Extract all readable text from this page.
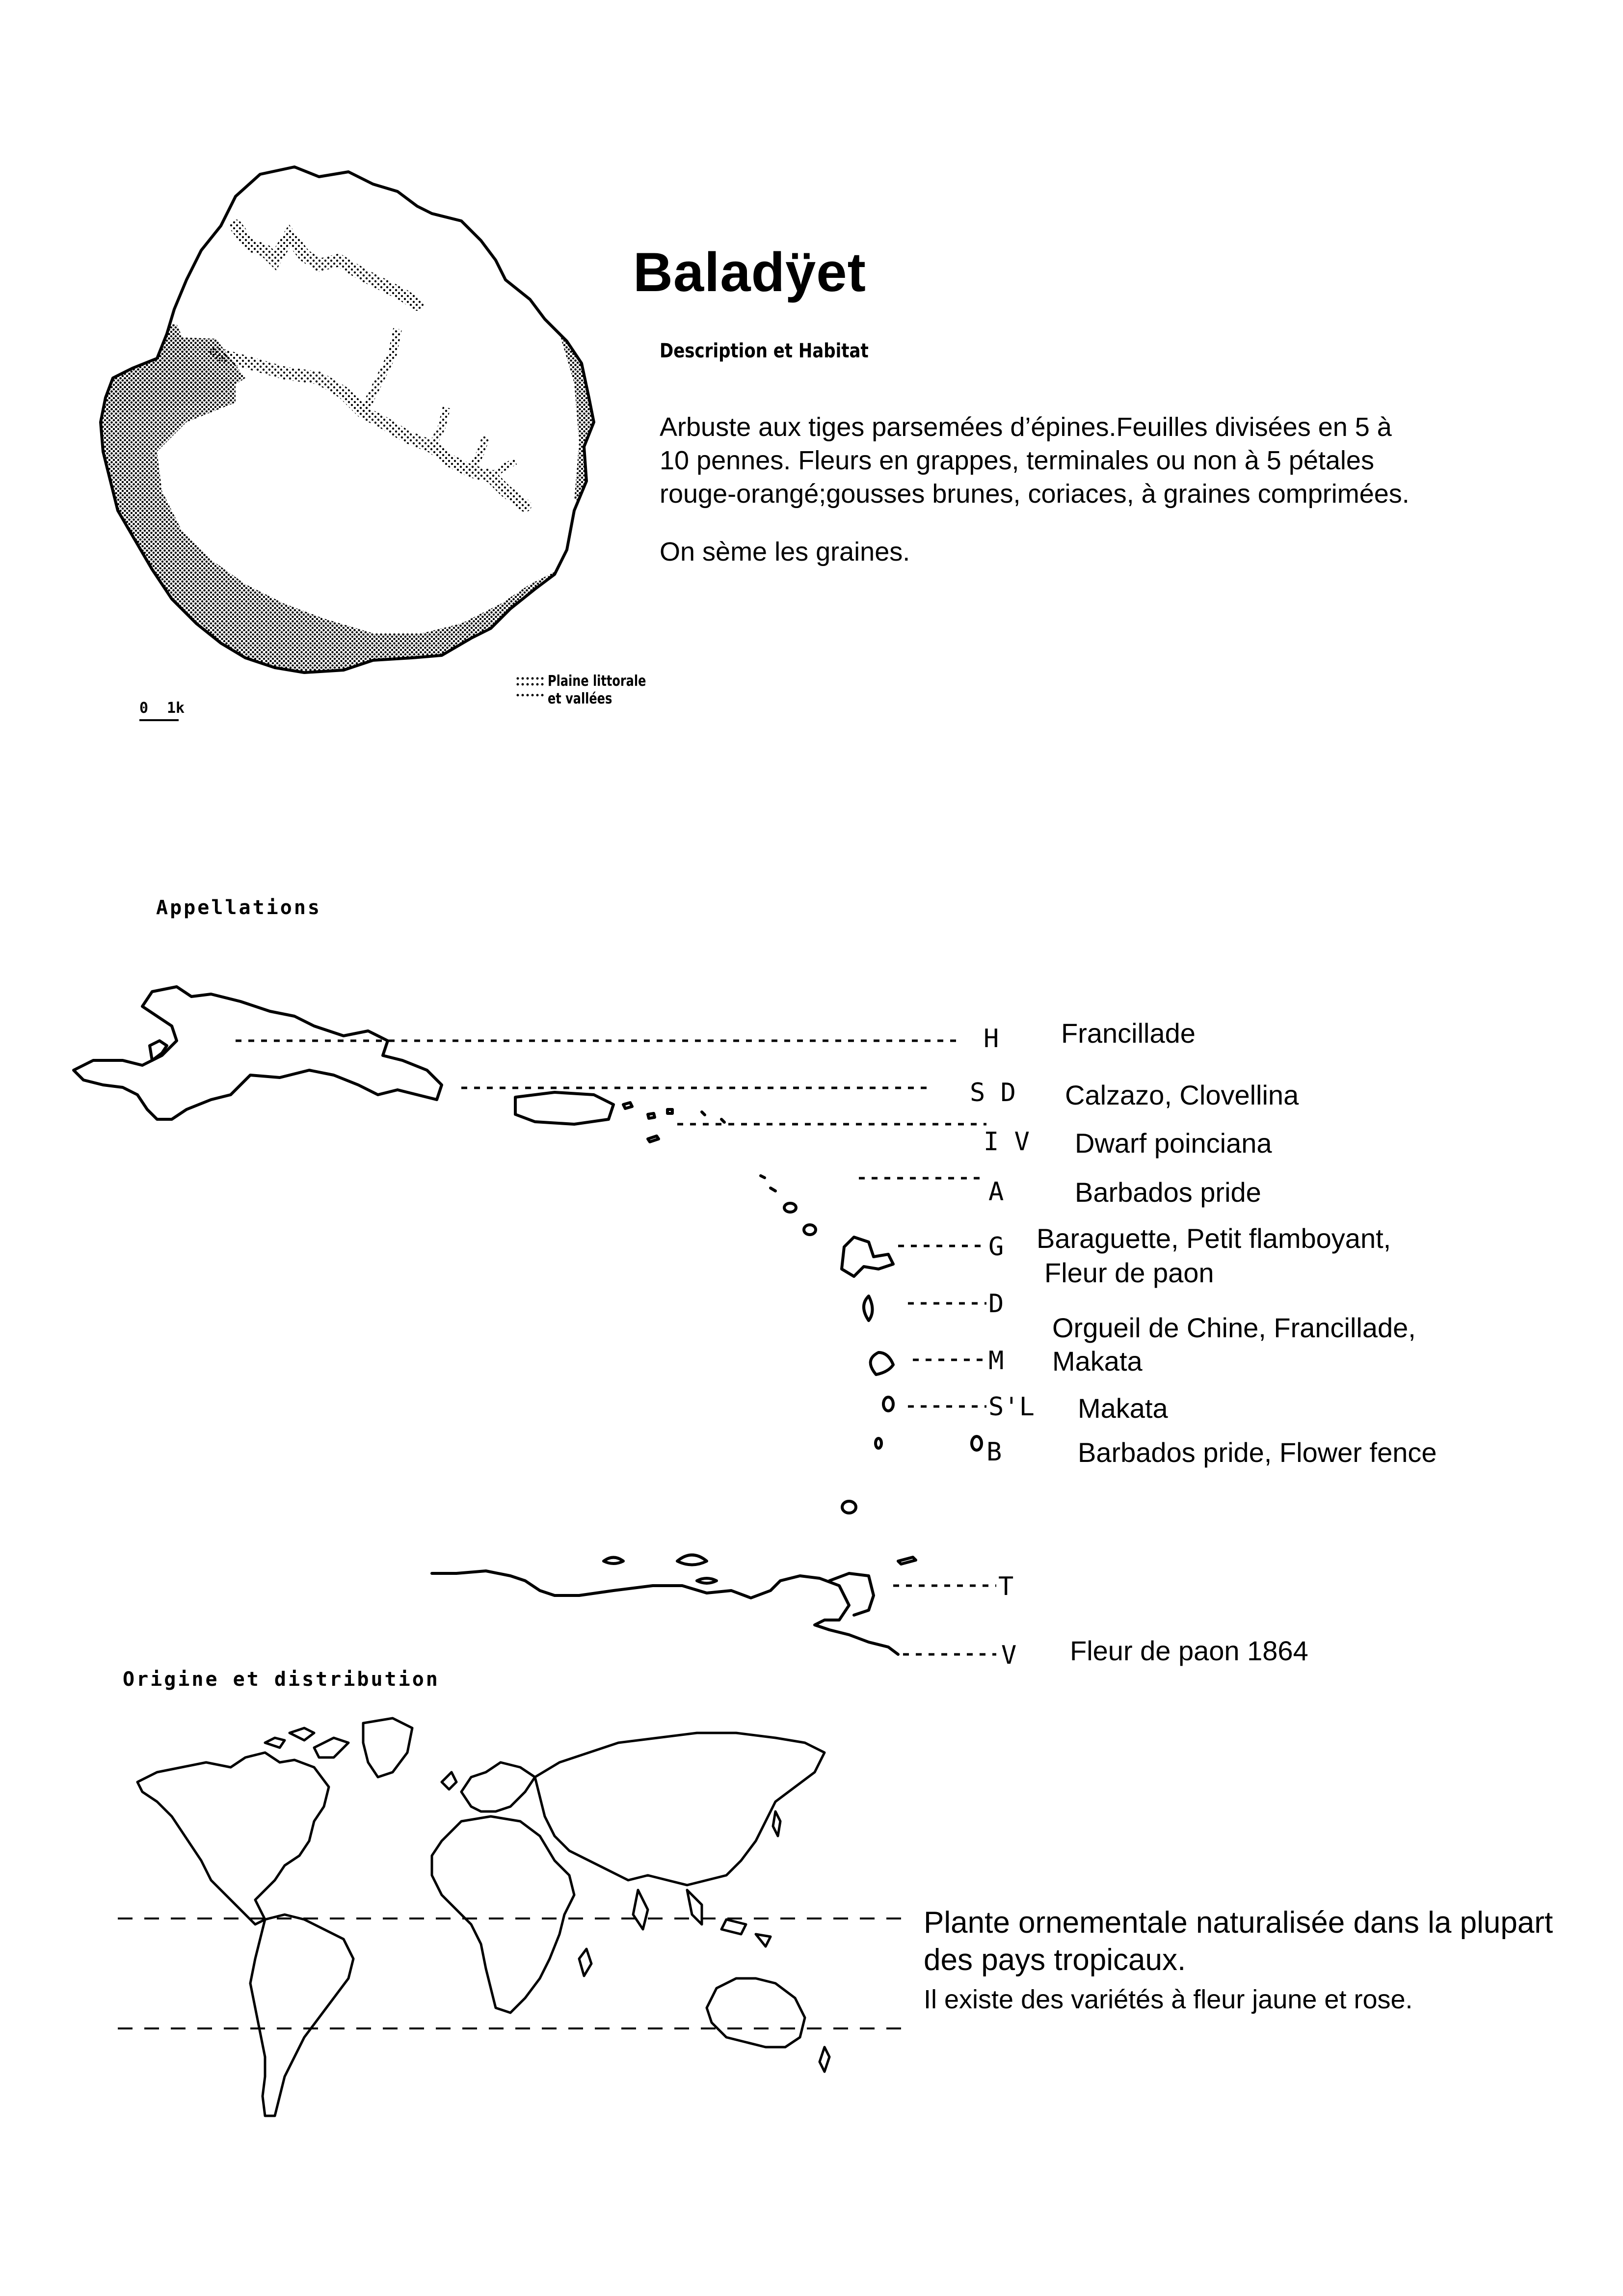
Plaine littorale
et vallées
0 1k
Baladÿet
Description et Habitat

Arbuste aux tiges parsemées d’épines.Feuilles divisées en 5 à 10 pennes. Fleurs en grappes, terminales ou non à 5 pétales rouge-orangé;gousses brunes, coriaces, à graines comprimées.

On sème les graines.

Appellations
H
S D
I V
A
G
D
M
S'L
B
T
V
Francillade
Calzazo, Clovellina
Dwarf poinciana
Barbados pride
Baraguette, Petit flamboyant,
Fleur de paon
Orgueil de Chine, Francillade,
Makata
Makata
Barbados pride, Flower fence
Fleur de paon 1864
Origine et distribution
Plante ornementale naturalisée dans la plupart
des pays tropicaux.
Il existe des variétés à fleur jaune et rose.
